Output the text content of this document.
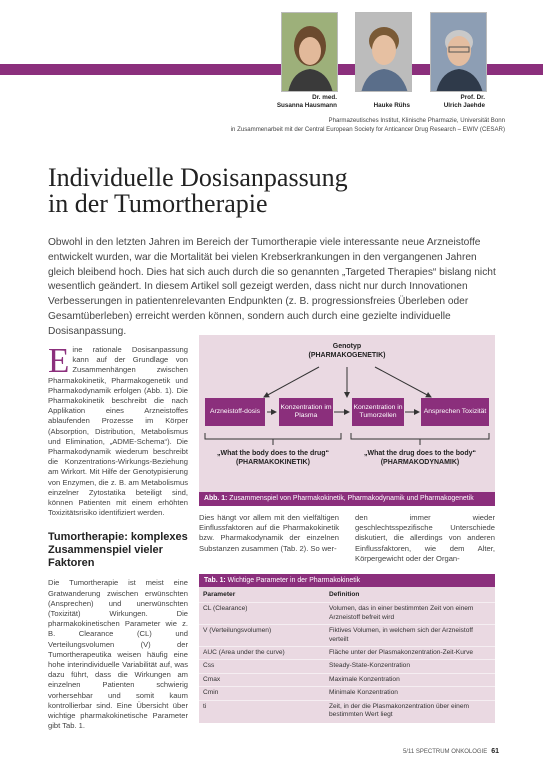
Dr. med.
Susanna Hausmann	Hauke Rühs
Prof. Dr.
Ulrich Jaehde
Pharmazeutisches Institut, Klinische Pharmazie, Universität Bonn
in Zusammenarbeit mit der Central European Society for Anticancer Drug Research – EWIV (CESAR)
Individuelle Dosisanpassung
in der Tumortherapie

Obwohl in den letzten Jahren im Bereich der Tumortherapie viele interessante neue Arzneistoffe entwickelt wurden, war die Mortalität bei vielen Krebserkrankungen in den vergangenen Jahren gleich bleibend hoch. Dies hat sich auch durch die so genannten „Targeted Therapies“ bislang nicht wesentlich geändert. In diesem Artikel soll gezeigt werden, dass nicht nur durch Innovationen Verbesserungen in patientenrelevanten Endpunkten (z. B. progressionsfreies Überleben oder Gesamtüberleben) erreicht werden können, sondern auch durch eine gezielte individuelle Dosisanpassung.

Eine rationale Dosisanpassung kann auf der Grundlage von Zusammenhängen zwischen Pharmakokinetik, Pharmakogenetik und Pharmakodynamik erfolgen (Abb. 1). Die Pharmakokinetik beschreibt die nach Applikation eines Arzneistoffes ablaufenden Prozesse im Körper (Absorption, Distribution, Metabolismus und Elimination, „ADME-Schema“). Die Pharmakodynamik wiederum beschreibt die Konzentrations-Wirkungs-Beziehung am Wirkort. Mit Hilfe der Genotypisierung von Enzymen, die z. B. am Metabolismus einzelner Zytostatika beteiligt sind, können Patienten mit einem erhöhten Toxizitätsrisiko identifiziert werden.

Tumortherapie: komplexes Zusammenspiel vieler Faktoren

Die Tumortherapie ist meist eine Gratwanderung zwischen erwünschten (Ansprechen) und unerwünschten (Toxizität) Wirkungen. Die pharmakokinetischen Parameter wie z. B. Clearance (CL) und Verteilungsvolumen (V) der Tumortherapeutika weisen häufig eine hohe interindividuelle Variabilität auf, was dazu führt, dass die Wirkungen am einzelnen Patienten schwierig vorhersehbar und somit kaum kontrollierbar sind. Eine Übersicht über wichtige pharmakokinetische Parameter gibt Tab. 1.

Genotyp
(PHARMAKOGENETIK)
Arzneistoff-dosis
Konzentration im Plasma
Konzentration in Tumorzellen
Ansprechen Toxizität
„What the body does to the drug“
(PHARMAKOKINETIK)
„What the drug does to the body“
(PHARMAKODYNAMIK)
Abb. 1: Zusammenspiel von Pharmakokinetik, Pharmakodynamik und Pharmakogenetik

Dies hängt vor allem mit den vielfältigen Einflussfaktoren auf die Pharmakokinetik bzw. Pharmakodynamik der einzelnen Substanzen zusammen (Tab. 2). So wer-

den immer wieder geschlechtsspezifische Unterschiede diskutiert, die allerdings von anderen Einflussfaktoren, wie dem Alter, Körpergewicht oder der Organ-

Tab. 1: Wichtige Parameter in der Pharmakokinetik
Parameter	Definition
CL (Clearance)	Volumen, das in einer bestimmten Zeit von einem Arzneistoff befreit wird
V (Verteilungsvolumen)	Fiktives Volumen, in welchem sich der Arzneistoff verteilt
AUC (Area under the curve)	Fläche unter der Plasmakonzentration-Zeit-Kurve
Css	Steady-State-Konzentration
Cmax	Maximale Konzentration
Cmin	Minimale Konzentration
ti	Zeit, in der die Plasmakonzentration über einem bestimmten Wert liegt
5/11 SPECTRUM ONKOLOGIE 61
